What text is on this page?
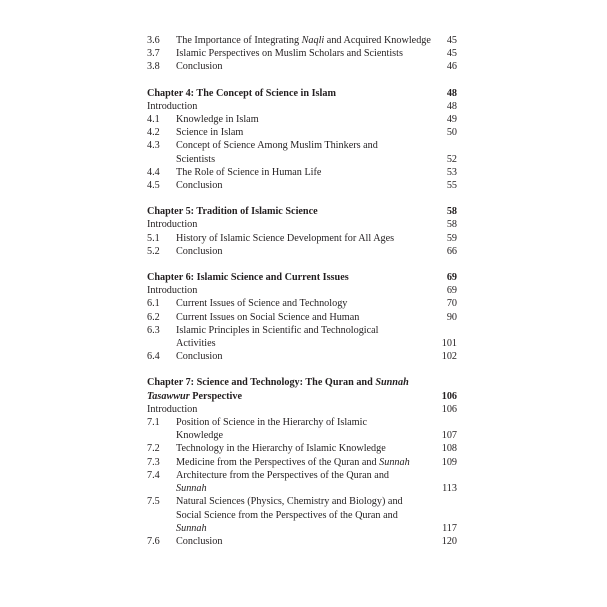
3.6	The Importance of Integrating Naqli and Acquired Knowledge	45
3.7	Islamic Perspectives on Muslim Scholars and Scientists	45
3.8	Conclusion	46
Chapter 4: The Concept of Science in Islam	48
Introduction	48
4.1	Knowledge in Islam	49
4.2	Science in Islam	50
4.3	Concept of Science Among Muslim Thinkers and Scientists	52
4.4	The Role of Science in Human Life	53
4.5	Conclusion	55
Chapter 5: Tradition of Islamic Science	58
Introduction	58
5.1	History of Islamic Science Development for All Ages	59
5.2	Conclusion	66
Chapter 6: Islamic Science and Current Issues	69
Introduction	69
6.1	Current Issues of Science and Technology	70
6.2	Current Issues on Social Science and Human	90
6.3	Islamic Principles in Scientific and Technological Activities	101
6.4	Conclusion	102
Chapter 7: Science and Technology: The Quran and Sunnah Tasawwur Perspective	106
Introduction	106
7.1	Position of Science in the Hierarchy of Islamic Knowledge	107
7.2	Technology in the Hierarchy of Islamic Knowledge	108
7.3	Medicine from the Perspectives of the Quran and Sunnah	109
7.4	Architecture from the Perspectives of the Quran and Sunnah	113
7.5	Natural Sciences (Physics, Chemistry and Biology) and Social Science from the Perspectives of the Quran and Sunnah	117
7.6	Conclusion	120
